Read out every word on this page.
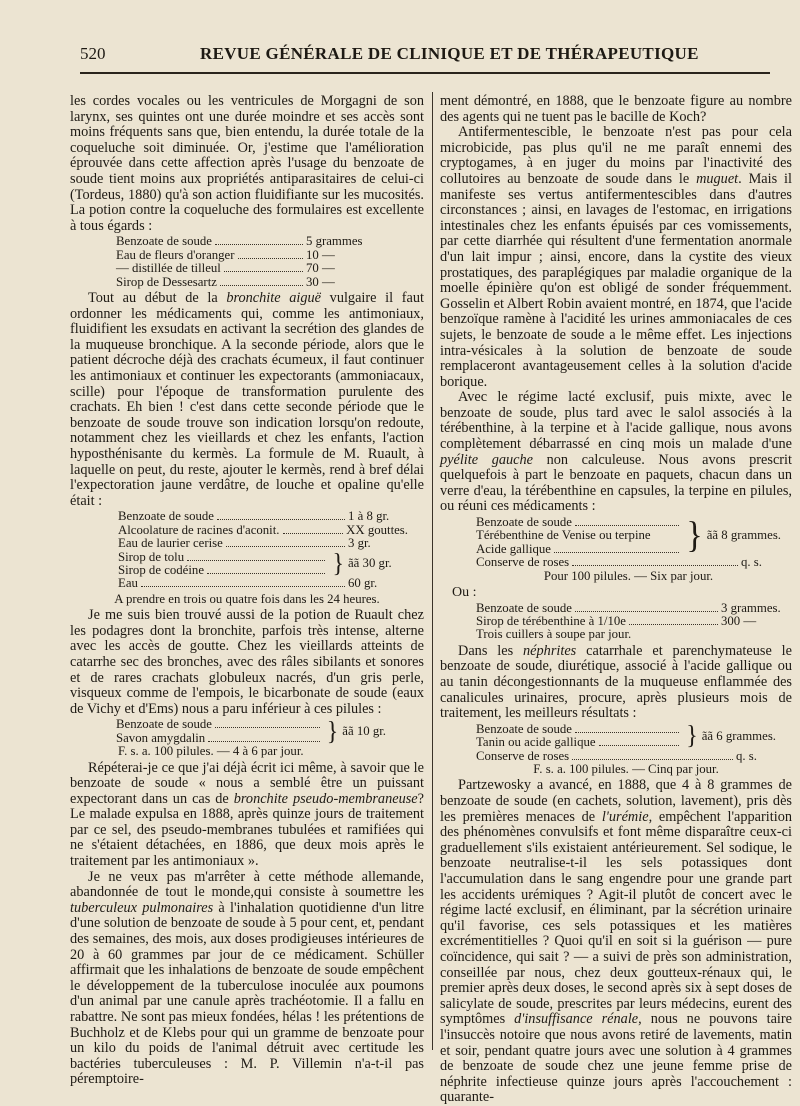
520	REVUE GÉNÉRALE DE CLINIQUE ET DE THÉRAPEUTIQUE

les cordes vocales ou les ventricules de Morgagni de son larynx, ses quintes ont une durée moindre et ses accès sont moins fréquents sans que, bien entendu, la durée totale de la coqueluche soit diminuée. Or, j'estime que l'amélioration éprouvée dans cette affection après l'usage du benzoate de soude tient moins aux propriétés antiparasitaires de celui-ci (Tordeus, 1880) qu'à son action fluidifiante sur les mucosités. La potion contre la coqueluche des formulaires est excellente à tous égards :

Benzoate de soude	5 grammes
Eau de fleurs d'oranger	10 —
— distillée de tilleul	70 —
Sirop de Dessesartz	30 —

Tout au début de la bronchite aiguë vulgaire il faut ordonner les médicaments qui, comme les antimoniaux, fluidifient les exsudats en activant la secrétion des glandes de la muqueuse bronchique. A la seconde période, alors que le patient décroche déjà des crachats écumeux, il faut continuer les antimoniaux et continuer les expectorants (ammoniacaux, scille) pour l'époque de transformation purulente des crachats. Eh bien ! c'est dans cette seconde période que le benzoate de soude trouve son indication lorsqu'on redoute, notamment chez les vieillards et chez les enfants, l'action hyposthénisante du kermès. La formule de M. Ruault, à laquelle on peut, du reste, ajouter le kermès, rend à bref délai l'expectoration jaune verdâtre, de louche et opaline qu'elle était :

Benzoate de soude	1 à 8 gr.
Alcoolature de racines d'aconit.	XX gouttes.
Eau de laurier cerise	3 gr.
Sirop de tolu
Sirop de codéine	} ãã 30 gr.
Eau	60 gr.
A prendre en trois ou quatre fois dans les 24 heures.

Je me suis bien trouvé aussi de la potion de Ruault chez les podagres dont la bronchite, parfois très intense, alterne avec les accès de goutte. Chez les vieillards atteints de catarrhe sec des bronches, avec des râles sibilants et sonores et de rares crachats globuleux nacrés, d'un gris perle, visqueux comme de l'empois, le bicarbonate de soude (eaux de Vichy et d'Ems) nous a paru inférieur à ces pilules :

Benzoate de soude
Savon amygdalin	} ãã 10 gr.
F. s. a. 100 pilules. — 4 à 6 par jour.

Répéterai-je ce que j'ai déjà écrit ici même, à savoir que le benzoate de soude « nous a semblé être un puissant expectorant dans un cas de bronchite pseudo-membraneuse? Le malade expulsa en 1888, après quinze jours de traitement par ce sel, des pseudo-membranes tubulées et ramifiées qui ne s'étaient détachées, en 1886, que deux mois après le traitement par les antimoniaux ».

Je ne veux pas m'arrêter à cette méthode allemande, abandonnée de tout le monde,qui consiste à soumettre les tuberculeux pulmonaires à l'inhalation quotidienne d'un litre d'une solution de benzoate de soude à 5 pour cent, et, pendant des semaines, des mois, aux doses prodigieuses intérieures de 20 à 60 grammes par jour de ce médicament. Schüller affirmait que les inhalations de benzoate de soude empêchent le développement de la tuberculose inoculée aux poumons d'un animal par une canule après trachéotomie. Il a fallu en rabattre. Ne sont pas mieux fondées, hélas ! les prétentions de Buchholz et de Klebs pour qui un gramme de benzoate pour un kilo du poids de l'animal détruit avec certitude les bactéries tuberculeuses : M. P. Villemin n'a-t-il pas péremptoire-

ment démontré, en 1888, que le benzoate figure au nombre des agents qui ne tuent pas le bacille de Koch?

Antifermentescible, le benzoate n'est pas pour cela microbicide, pas plus qu'il ne me paraît ennemi des cryptogames, à en juger du moins par l'inactivité des collutoires au benzoate de soude dans le muguet. Mais il manifeste ses vertus antifermentescibles dans d'autres circonstances ; ainsi, en lavages de l'estomac, en irrigations intestinales chez les enfants épuisés par ces vomissements, par cette diarrhée qui résultent d'une fermentation anormale d'un lait impur ; ainsi, encore, dans la cystite des vieux prostatiques, des paraplégiques par maladie organique de la moelle épinière qu'on est obligé de sonder fréquemment. Gosselin et Albert Robin avaient montré, en 1874, que l'acide benzoïque ramène à l'acidité les urines ammoniacales de ces sujets, le benzoate de soude a le même effet. Les injections intra-vésicales à la solution de benzoate de soude remplaceront avantageusement celles à la solution d'acide borique.

Avec le régime lacté exclusif, puis mixte, avec le benzoate de soude, plus tard avec le salol associés à la térébenthine, à la terpine et à l'acide gallique, nous avons complètement débarrassé en cinq mois un malade d'une pyélite gauche non calculeuse. Nous avons prescrit quelquefois à part le benzoate en paquets, chacun dans un verre d'eau, la térébenthine en capsules, la terpine en pilules, ou réuni ces médicaments :

Benzoate de soude
Térébenthine de Venise ou terpine
Acide gallique	} ãã 8 grammes.
Conserve de roses	q. s.
Pour 100 pilules. — Six par jour.
Ou :
Benzoate de soude	3 grammes.
Sirop de térébenthine à 1/10e	300 —
Trois cuillers à soupe par jour.

Dans les néphrites catarrhale et parenchymateuse le benzoate de soude, diurétique, associé à l'acide gallique ou au tanin décongestionnants de la muqueuse enflammée des canalicules urinaires, procure, après plusieurs mois de traitement, les meilleurs résultats :

Benzoate de soude
Tanin ou acide gallique	} ãã 6 grammes.
Conserve de roses	q. s.
F. s. a. 100 pilules. — Cinq par jour.

Partzewosky a avancé, en 1888, que 4 à 8 grammes de benzoate de soude (en cachets, solution, lavement), pris dès les premières menaces de l'urémie, empêchent l'apparition des phénomènes convulsifs et font même disparaître ceux-ci graduellement s'ils existaient antérieurement. Sel sodique, le benzoate neutralise-t-il les sels potassiques dont l'accumulation dans le sang engendre pour une grande part les accidents urémiques ? Agit-il plutôt de concert avec le régime lacté exclusif, en éliminant, par la sécrétion urinaire qu'il favorise, ces sels potassiques et les matières excrémentitielles ? Quoi qu'il en soit si la guérison — pure coïncidence, qui sait ? — a suivi de près son administration, conseillée par nous, chez deux goutteux-rénaux qui, le premier après deux doses, le second après six à sept doses de salicylate de soude, prescrites par leurs médecins, eurent des symptômes d'insuffisance rénale, nous ne pouvons taire l'insuccès notoire que nous avons retiré de lavements, matin et soir, pendant quatre jours avec une solution à 4 grammes de benzoate de soude chez une jeune femme prise de néphrite infectieuse quinze jours après l'accouchement : quarante-
